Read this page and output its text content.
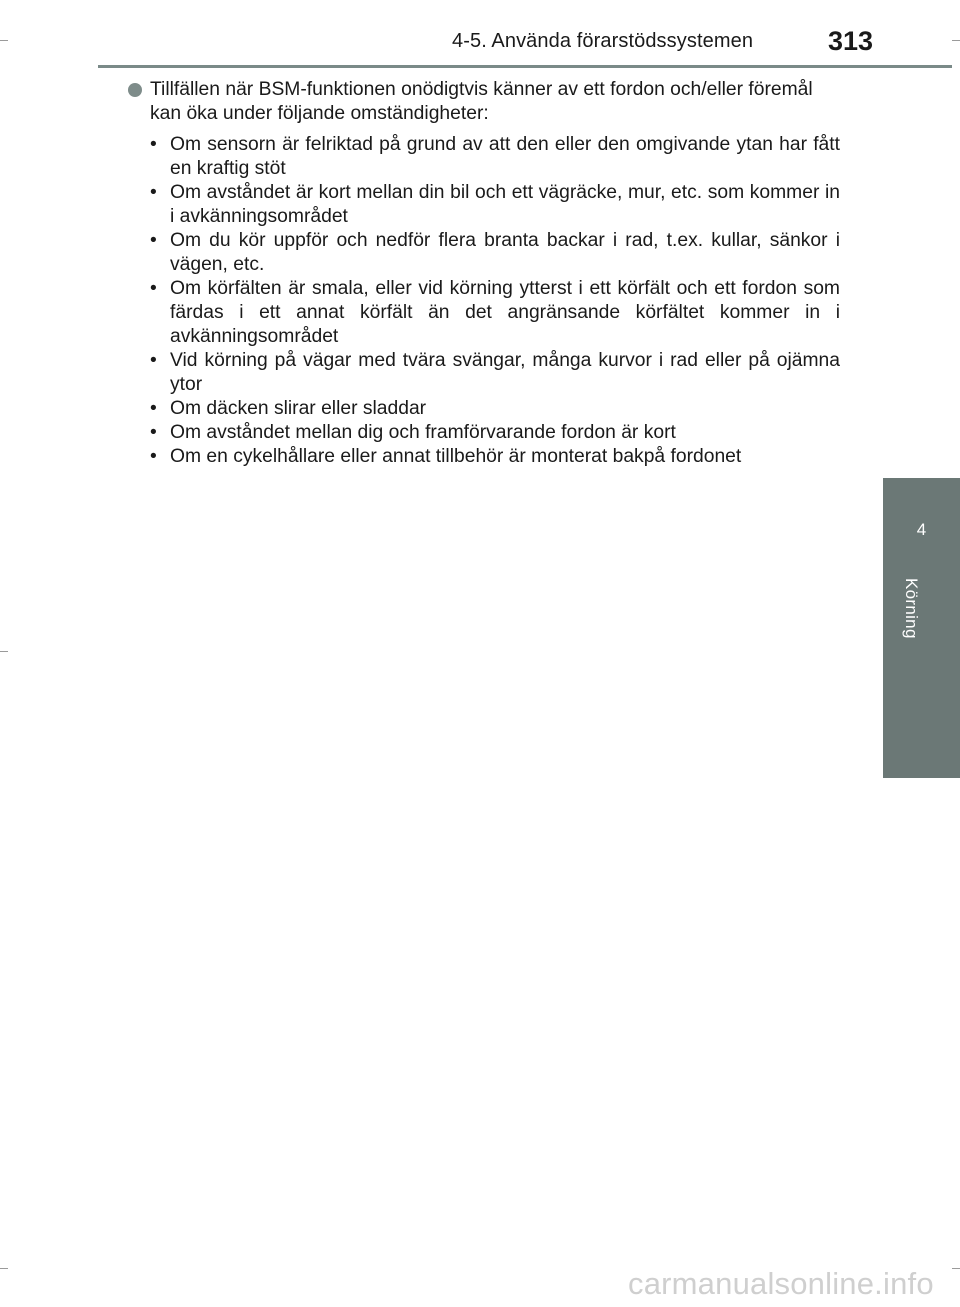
4-5. Använda förarstödssystemen	313
4
Körning
Tillfällen när BSM-funktionen onödigtvis känner av ett fordon och/eller föremål kan öka under följande omständigheter:
• Om sensorn är felriktad på grund av att den eller den omgivande ytan har fått en kraftig stöt
• Om avståndet är kort mellan din bil och ett vägräcke, mur, etc. som kommer in i avkänningsområdet
• Om du kör uppför och nedför flera branta backar i rad, t.ex. kullar, sänkor i vägen, etc.
• Om körfälten är smala, eller vid körning ytterst i ett körfält och ett fordon som färdas i ett annat körfält än det angränsande körfältet kommer in i avkänningsområdet
• Vid körning på vägar med tvära svängar, många kurvor i rad eller på ojämna ytor
• Om däcken slirar eller sladdar
• Om avståndet mellan dig och framförvarande fordon är kort
• Om en cykelhållare eller annat tillbehör är monterat bakpå fordonet
carmanualsonline.info
